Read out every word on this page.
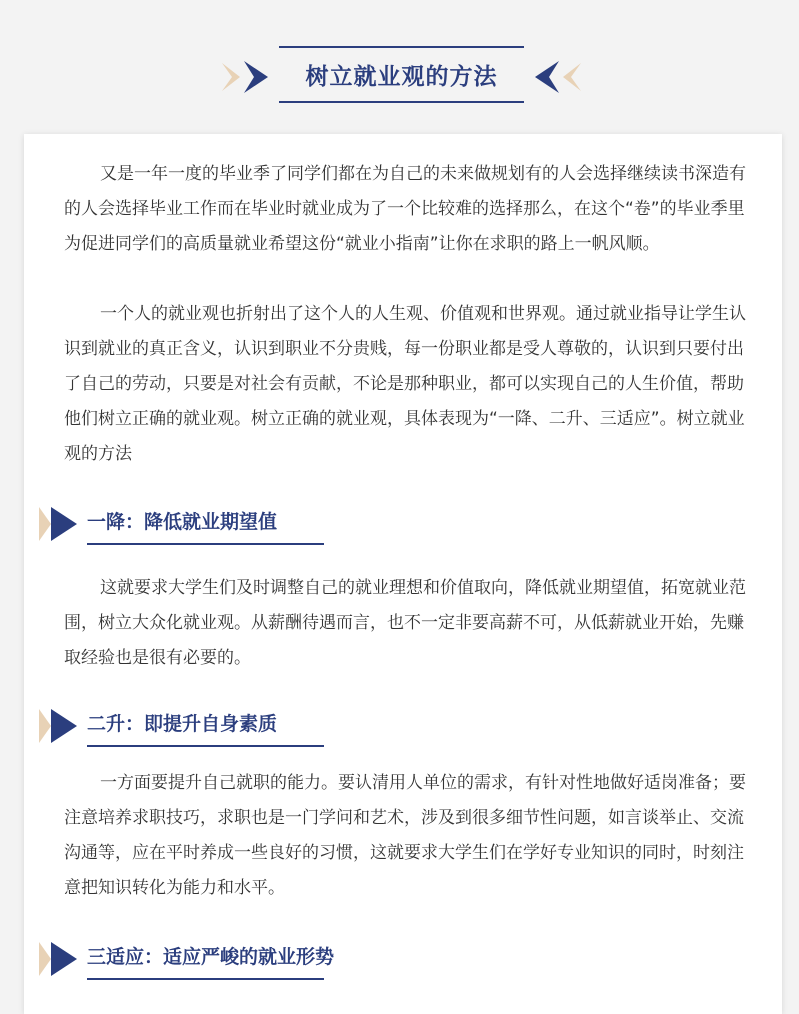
树立就业观的方法

又是一年一度的毕业季了同学们都在为自己的未来做规划有的人会选择继续读书深造有的人会选择毕业工作而在毕业时就业成为了一个比较难的选择那么，在这个“卷”的毕业季里为促进同学们的高质量就业希望这份“就业小指南”让你在求职的路上一帆风顺。

一个人的就业观也折射出了这个人的人生观、价值观和世界观。通过就业指导让学生认识到就业的真正含义，认识到职业不分贵贱，每一份职业都是受人尊敬的，认识到只要付出了自己的劳动，只要是对社会有贡献，不论是那种职业，都可以实现自己的人生价值，帮助他们树立正确的就业观。树立正确的就业观，具体表现为“一降、二升、三适应”。树立就业观的方法

一降：降低就业期望值

这就要求大学生们及时调整自己的就业理想和价值取向，降低就业期望值，拓宽就业范围，树立大众化就业观。从薪酬待遇而言，也不一定非要高薪不可，从低薪就业开始，先赚取经验也是很有必要的。

二升：即提升自身素质

一方面要提升自己就职的能力。要认清用人单位的需求，有针对性地做好适岗准备；要注意培养求职技巧，求职也是一门学问和艺术，涉及到很多细节性问题，如言谈举止、交流沟通等，应在平时养成一些良好的习惯，这就要求大学生们在学好专业知识的同时，时刻注意把知识转化为能力和水平。

三适应：适应严峻的就业形势
